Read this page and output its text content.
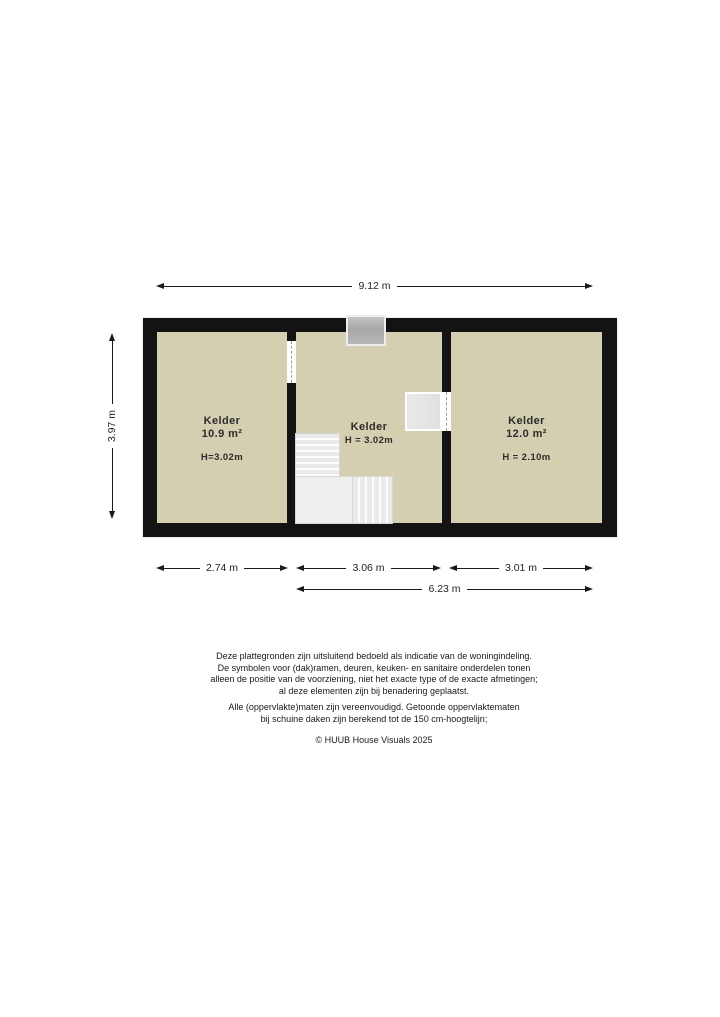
9.12 m
3.97 m	Kelder
10.9 m²
H=3.02m
Kelder
H = 3.02m
Kelder
12.0 m²
H = 2.10m
2.74 m	3.06 m	3.01 m
6.23 m
Deze plattegronden zijn uitsluitend bedoeld als indicatie van de woningindeling.
De symbolen voor (dak)ramen, deuren, keuken- en sanitaire onderdelen tonen
alleen de positie van de voorziening, niet het exacte type of de exacte afmetingen;
al deze elementen zijn bij benadering geplaatst.
Alle (oppervlakte)maten zijn vereenvoudigd. Getoonde oppervlaktematen
bij schuine daken zijn berekend tot de 150 cm-hoogtelijn;
© HUUB House Visuals 2025
